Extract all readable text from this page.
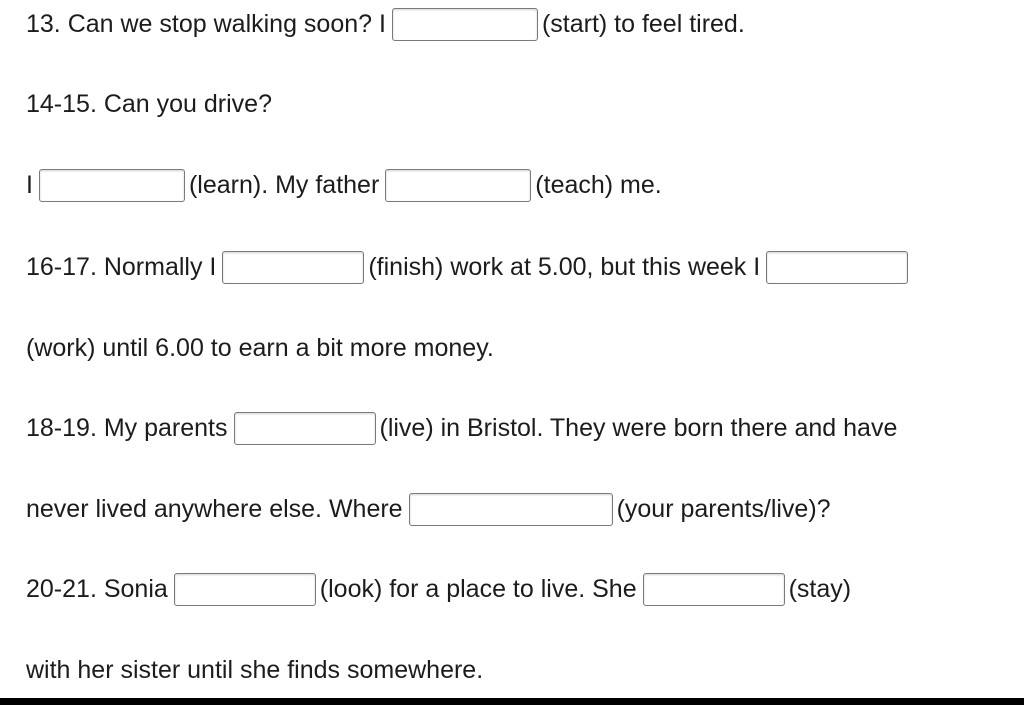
13. Can we stop walking soon? I	(start) to feel tired.
14-15. Can you drive?
I	(learn). My father	(teach) me.
16-17. Normally I	(finish) work at 5.00, but this week I
(work) until 6.00 to earn a bit more money.
18-19. My parents	(live) in Bristol. They were born there and have
never lived anywhere else. Where	(your parents/live)?
20-21. Sonia	(look) for a place to live. She	(stay)
with her sister until she finds somewhere.
